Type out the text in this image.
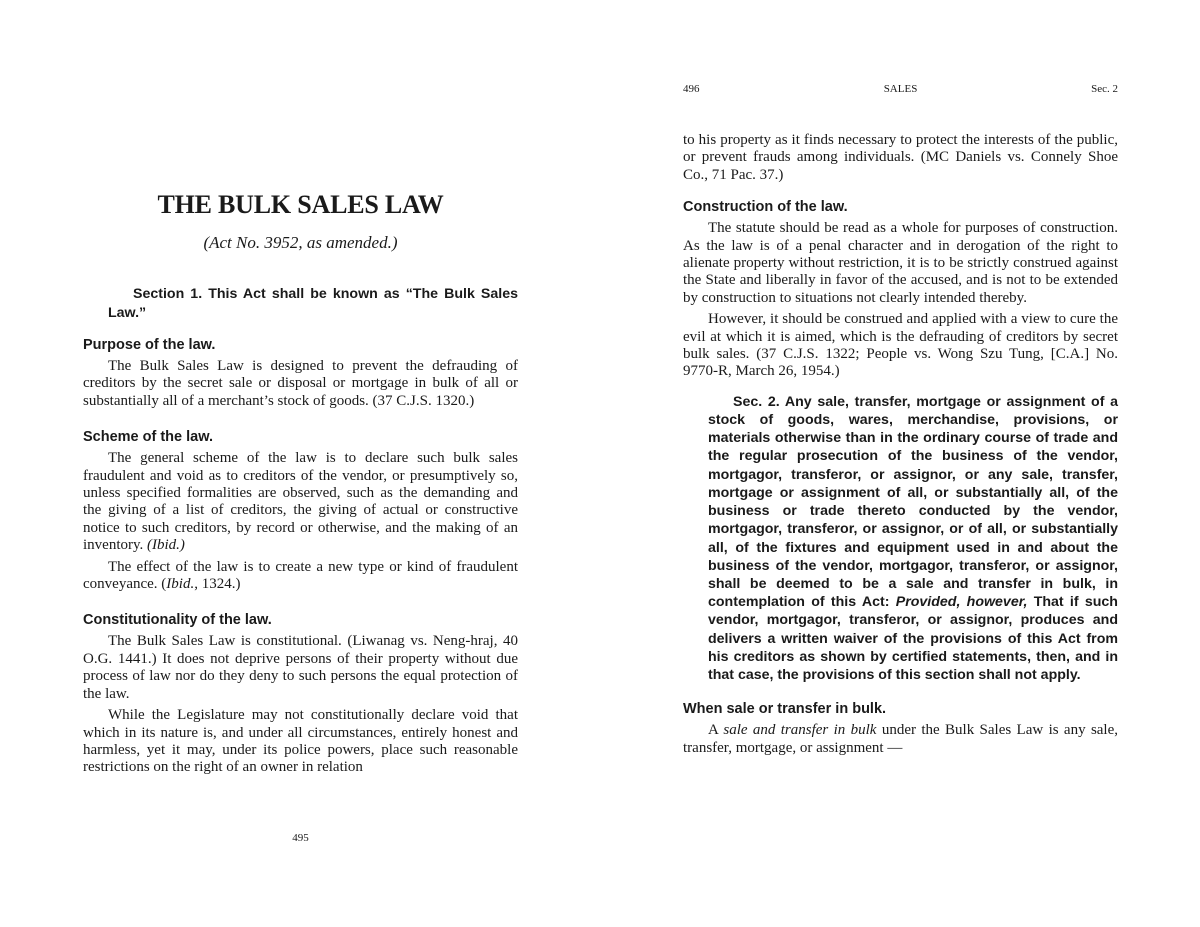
THE BULK SALES LAW
(Act No. 3952, as amended.)

Section 1. This Act shall be known as “The Bulk Sales Law.”

Purpose of the law.

The Bulk Sales Law is designed to prevent the defrauding of creditors by the secret sale or disposal or mortgage in bulk of all or substantially all of a merchant’s stock of goods. (37 C.J.S. 1320.)

Scheme of the law.

The general scheme of the law is to declare such bulk sales fraudulent and void as to creditors of the vendor, or presumptively so, unless specified formalities are observed, such as the demanding and the giving of a list of creditors, the giving of actual or constructive notice to such creditors, by record or otherwise, and the making of an inventory. (Ibid.)

The effect of the law is to create a new type or kind of fraudulent conveyance. (Ibid., 1324.)

Constitutionality of the law.

The Bulk Sales Law is constitutional. (Liwanag vs. Neng-hraj, 40 O.G. 1441.) It does not deprive persons of their property without due process of law nor do they deny to such persons the equal protection of the law.

While the Legislature may not constitutionally declare void that which in its nature is, and under all circumstances, entirely honest and harmless, yet it may, under its police powers, place such reasonable restrictions on the right of an owner in relation

495
496	SALES	Sec. 2

to his property as it finds necessary to protect the interests of the public, or prevent frauds among individuals. (MC Daniels vs. Connely Shoe Co., 71 Pac. 37.)

Construction of the law.

The statute should be read as a whole for purposes of construction. As the law is of a penal character and in derogation of the right to alienate property without restriction, it is to be strictly construed against the State and liberally in favor of the accused, and is not to be extended by construction to situations not clearly intended thereby.

However, it should be construed and applied with a view to cure the evil at which it is aimed, which is the defrauding of creditors by secret bulk sales. (37 C.J.S. 1322; People vs. Wong Szu Tung, [C.A.] No. 9770-R, March 26, 1954.)

Sec. 2. Any sale, transfer, mortgage or assignment of a stock of goods, wares, merchandise, provisions, or materials otherwise than in the ordinary course of trade and the regular prosecution of the business of the vendor, mortgagor, transferor, or assignor, or any sale, transfer, mortgage or assignment of all, or substantially all, of the business or trade thereto conducted by the vendor, mortgagor, transferor, or assignor, or of all, or substantially all, of the fixtures and equipment used in and about the business of the vendor, mortgagor, transferor, or assignor, shall be deemed to be a sale and transfer in bulk, in contemplation of this Act: Provided, however, That if such vendor, mortgagor, transferor, or assignor, produces and delivers a written waiver of the provisions of this Act from his creditors as shown by certified statements, then, and in that case, the provisions of this section shall not apply.

When sale or transfer in bulk.

A sale and transfer in bulk under the Bulk Sales Law is any sale, transfer, mortgage, or assignment —
